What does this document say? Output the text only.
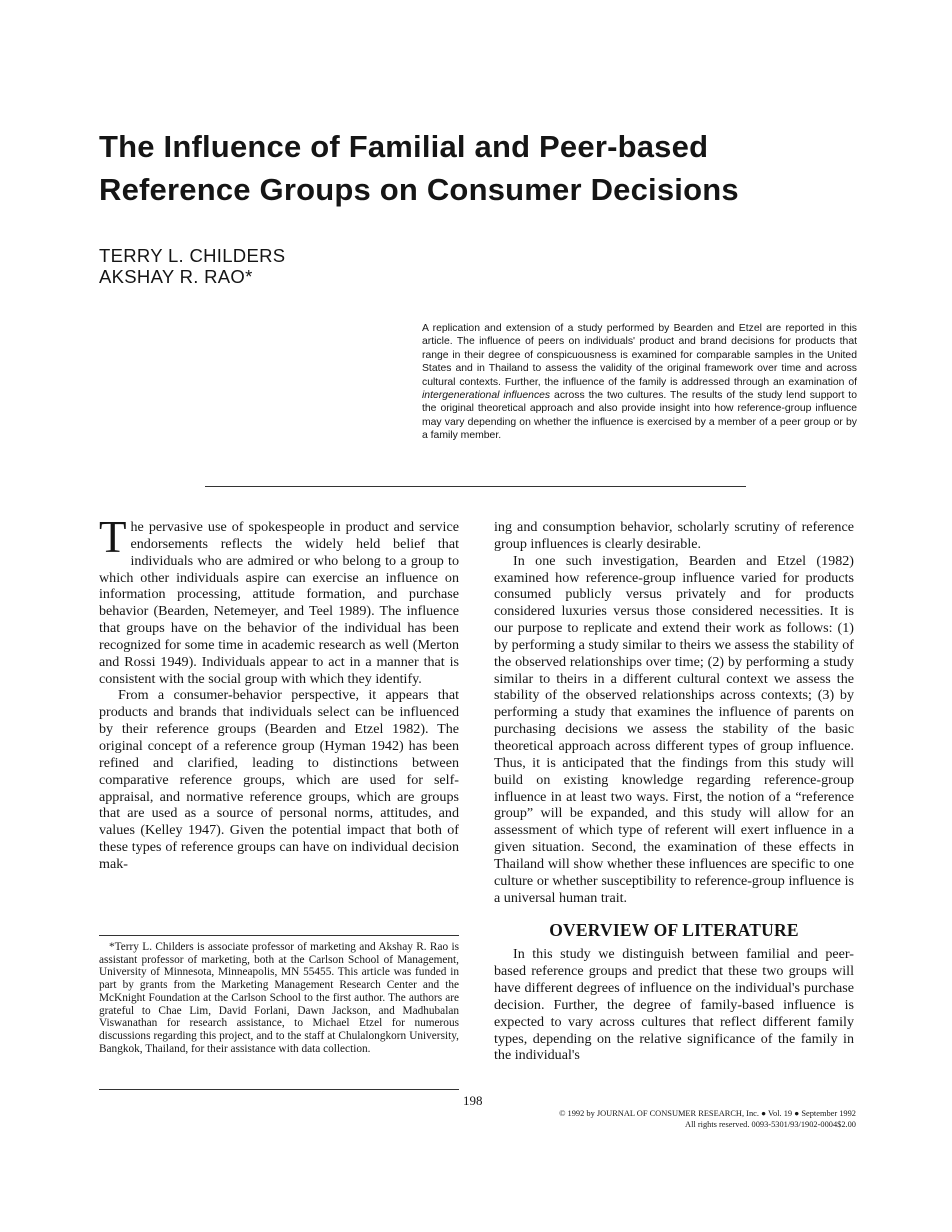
The Influence of Familial and Peer-based Reference Groups on Consumer Decisions
TERRY L. CHILDERS
AKSHAY R. RAO*

A replication and extension of a study performed by Bearden and Etzel are reported in this article. The influence of peers on individuals' product and brand decisions for products that range in their degree of conspicuousness is examined for comparable samples in the United States and in Thailand to assess the validity of the original framework over time and across cultural contexts. Further, the influence of the family is addressed through an examination of intergenerational influences across the two cultures. The results of the study lend support to the original theoretical approach and also provide insight into how reference-group influence may vary depending on whether the influence is exercised by a member of a peer group or by a family member.

The pervasive use of spokespeople in product and service endorsements reflects the widely held belief that individuals who are admired or who belong to a group to which other individuals aspire can exercise an influence on information processing, attitude formation, and purchase behavior (Bearden, Netemeyer, and Teel 1989). The influence that groups have on the behavior of the individual has been recognized for some time in academic research as well (Merton and Rossi 1949). Individuals appear to act in a manner that is consistent with the social group with which they identify.

From a consumer-behavior perspective, it appears that products and brands that individuals select can be influenced by their reference groups (Bearden and Etzel 1982). The original concept of a reference group (Hyman 1942) has been refined and clarified, leading to distinctions between comparative reference groups, which are used for self-appraisal, and normative reference groups, which are groups that are used as a source of personal norms, attitudes, and values (Kelley 1947). Given the potential impact that both of these types of reference groups can have on individual decision mak-

ing and consumption behavior, scholarly scrutiny of reference group influences is clearly desirable.

In one such investigation, Bearden and Etzel (1982) examined how reference-group influence varied for products consumed publicly versus privately and for products considered luxuries versus those considered necessities. It is our purpose to replicate and extend their work as follows: (1) by performing a study similar to theirs we assess the stability of the observed relationships over time; (2) by performing a study similar to theirs in a different cultural context we assess the stability of the observed relationships across contexts; (3) by performing a study that examines the influence of parents on purchasing decisions we assess the stability of the basic theoretical approach across different types of group influence. Thus, it is anticipated that the findings from this study will build on existing knowledge regarding reference-group influence in at least two ways. First, the notion of a “reference group” will be expanded, and this study will allow for an assessment of which type of referent will exert influence in a given situation. Second, the examination of these effects in Thailand will show whether these influences are specific to one culture or whether susceptibility to reference-group influence is a universal human trait.

OVERVIEW OF LITERATURE

In this study we distinguish between familial and peer-based reference groups and predict that these two groups will have different degrees of influence on the individual's purchase decision. Further, the degree of family-based influence is expected to vary across cultures that reflect different family types, depending on the relative significance of the family in the individual's

*Terry L. Childers is associate professor of marketing and Akshay R. Rao is assistant professor of marketing, both at the Carlson School of Management, University of Minnesota, Minneapolis, MN 55455. This article was funded in part by grants from the Marketing Management Research Center and the McKnight Foundation at the Carlson School to the first author. The authors are grateful to Chae Lim, David Forlani, Dawn Jackson, and Madhubalan Viswanathan for research assistance, to Michael Etzel for numerous discussions regarding this project, and to the staff at Chulalongkorn University, Bangkok, Thailand, for their assistance with data collection.

198
© 1992 by JOURNAL OF CONSUMER RESEARCH, Inc. ● Vol. 19 ● September 1992
All rights reserved. 0093-5301/93/1902-0004$2.00
